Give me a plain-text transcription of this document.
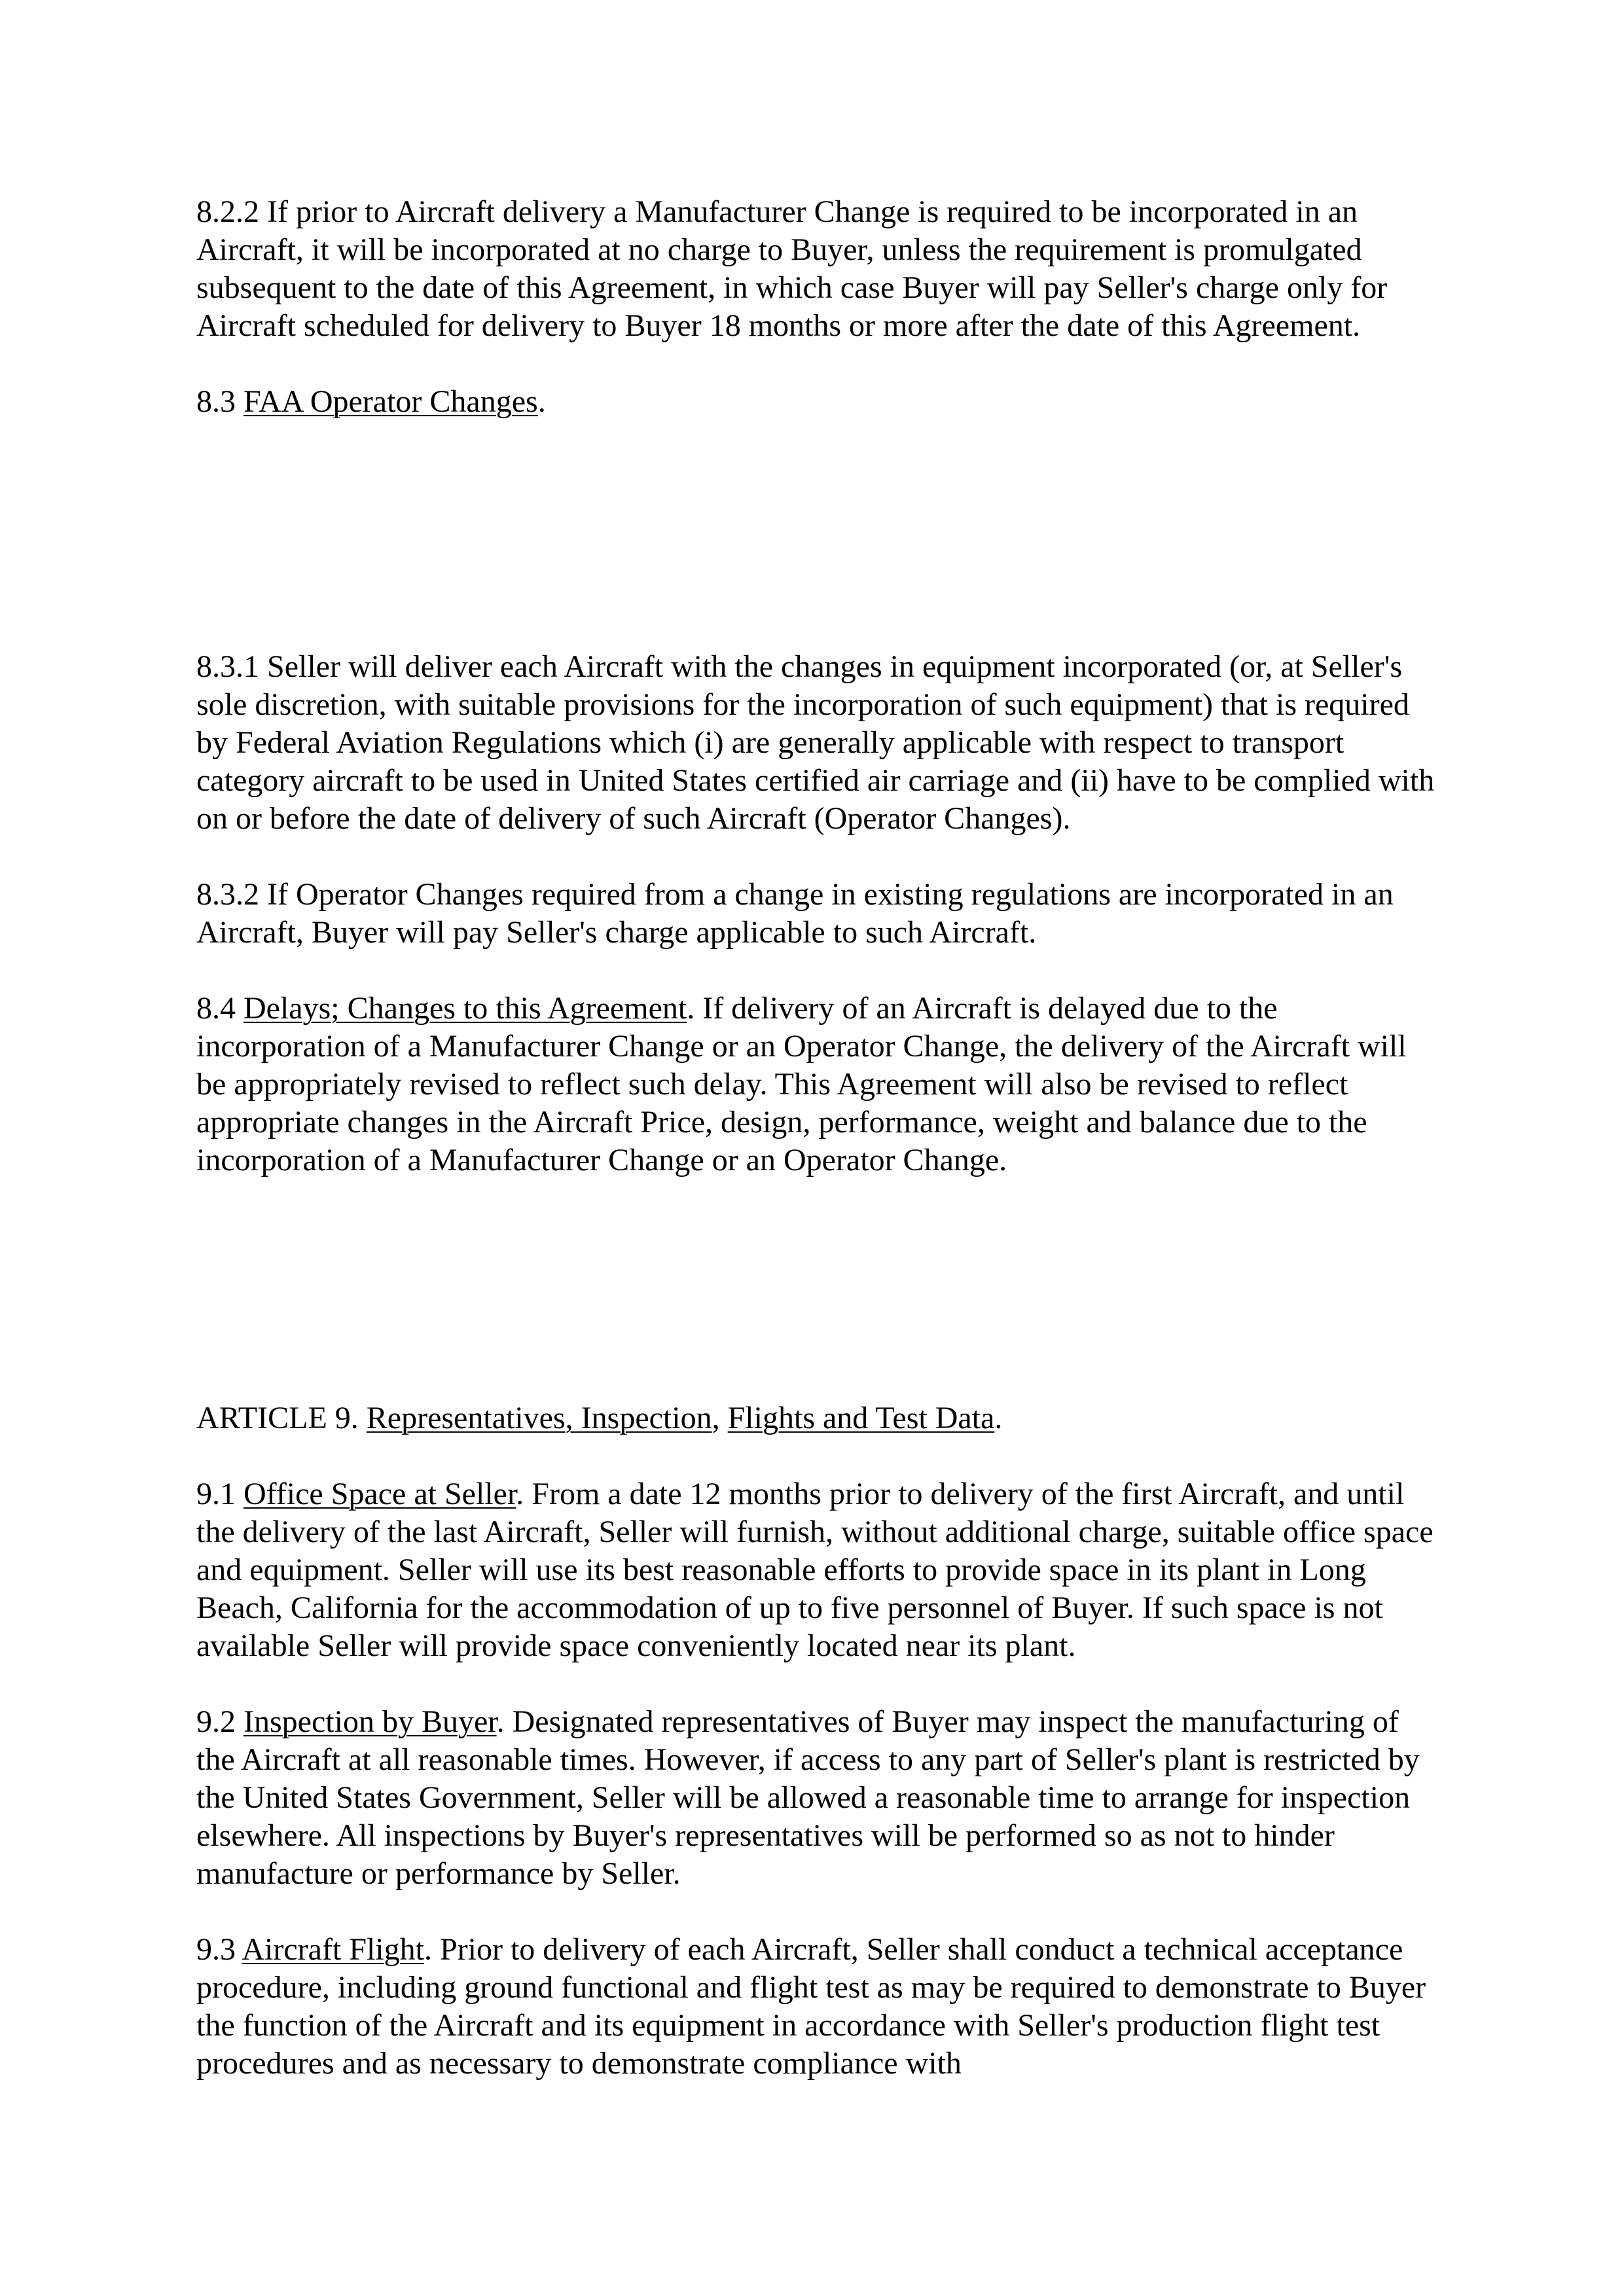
8.2.2 If prior to Aircraft delivery a Manufacturer Change is required to be incorporated in an Aircraft, it will be incorporated at no charge to Buyer, unless the requirement is promulgated subsequent to the date of this Agreement, in which case Buyer will pay Seller's charge only for Aircraft scheduled for delivery to Buyer 18 months or more after the date of this Agreement.

8.3 FAA Operator Changes.

8.3.1 Seller will deliver each Aircraft with the changes in equipment incorporated (or, at Seller's sole discretion, with suitable provisions for the incorporation of such equipment) that is required by Federal Aviation Regulations which (i) are generally applicable with respect to transport category aircraft to be used in United States certified air carriage and (ii) have to be complied with on or before the date of delivery of such Aircraft (Operator Changes).

8.3.2 If Operator Changes required from a change in existing regulations are incorporated in an Aircraft, Buyer will pay Seller's charge applicable to such Aircraft.

8.4 Delays; Changes to this Agreement. If delivery of an Aircraft is delayed due to the incorporation of a Manufacturer Change or an Operator Change, the delivery of the Aircraft will be appropriately revised to reflect such delay. This Agreement will also be revised to reflect appropriate changes in the Aircraft Price, design, performance, weight and balance due to the incorporation of a Manufacturer Change or an Operator Change.

ARTICLE 9. Representatives, Inspection, Flights and Test Data.

9.1 Office Space at Seller. From a date 12 months prior to delivery of the first Aircraft, and until the delivery of the last Aircraft, Seller will furnish, without additional charge, suitable office space and equipment. Seller will use its best reasonable efforts to provide space in its plant in Long Beach, California for the accommodation of up to five personnel of Buyer. If such space is not available Seller will provide space conveniently located near its plant.

9.2 Inspection by Buyer. Designated representatives of Buyer may inspect the manufacturing of the Aircraft at all reasonable times. However, if access to any part of Seller's plant is restricted by the United States Government, Seller will be allowed a reasonable time to arrange for inspection elsewhere. All inspections by Buyer's representatives will be performed so as not to hinder manufacture or performance by Seller.

9.3 Aircraft Flight. Prior to delivery of each Aircraft, Seller shall conduct a technical acceptance procedure, including ground functional and flight test as may be required to demonstrate to Buyer the function of the Aircraft and its equipment in accordance with Seller's production flight test procedures and as necessary to demonstrate compliance with
